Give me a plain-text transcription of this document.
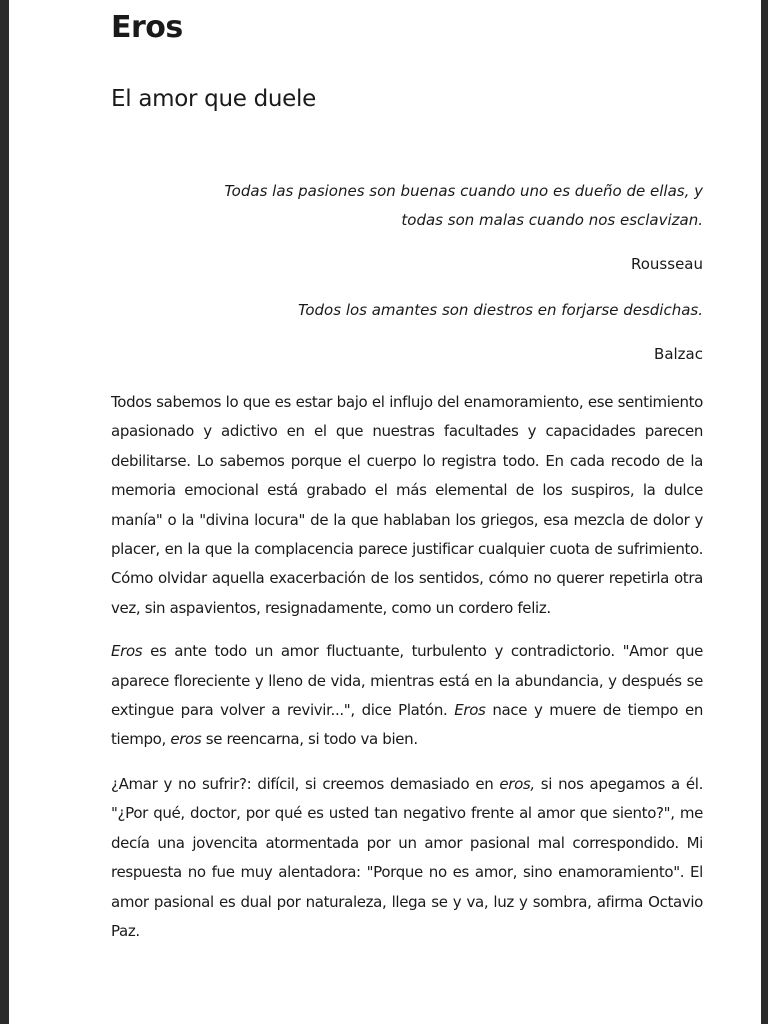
Eros
El amor que duele

Todas las pasiones son buenas cuando uno es dueño de ellas, y todas son malas cuando nos esclavizan.

Rousseau

Todos los amantes son diestros en forjarse desdichas.

Balzac

Todos sabemos lo que es estar bajo el influjo del enamoramiento, ese sentimiento apasionado y adictivo en el que nuestras facultades y capacidades parecen debilitarse. Lo sabemos porque el cuerpo lo registra todo. En cada recodo de la memoria emocional está grabado el más elemental de los suspiros, la dulce manía" o la "divina locura" de la que hablaban los griegos, esa mezcla de dolor y placer, en la que la complacencia parece justificar cualquier cuota de sufrimiento. Cómo olvidar aquella exacerbación de los sentidos, cómo no querer repetirla otra vez, sin aspavientos, resignadamente, como un cordero feliz.

Eros es ante todo un amor fluctuante, turbulento y contradictorio. "Amor que aparece floreciente y lleno de vida, mientras está en la abundancia, y después se extingue para volver a revivir...", dice Platón. Eros nace y muere de tiempo en tiempo, eros se reencarna, si todo va bien.

¿Amar y no sufrir?: difícil, si creemos demasiado en eros, si nos apegamos a él. "¿Por qué, doctor, por qué es usted tan negativo frente al amor que siento?", me decía una jovencita atormentada por un amor pasional mal correspondido. Mi respuesta no fue muy alentadora: "Porque no es amor, sino enamoramiento". El amor pasional es dual por naturaleza, llega se y va, luz y sombra, afirma Octavio Paz.
